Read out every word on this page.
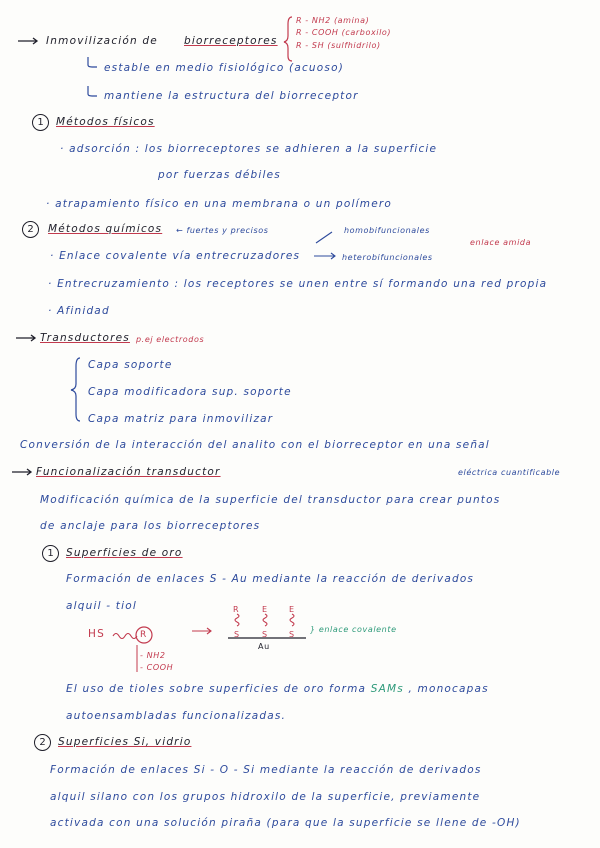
Inmovilización de biorreceptores
R - NH2 (amina)
R - COOH (carboxilo)
R - SH (sulfhidrilo)
estable en medio fisiológico (acuoso)
mantiene la estructura del biorreceptor
1	Métodos físicos
· adsorción : los biorreceptores se adhieren a la superficie
por fuerzas débiles
· atrapamiento físico en una membrana o un polímero
2	Métodos químicos ← fuertes y precisos	homobifuncionales
enlace amida
· Enlace covalente vía entrecruzadores	heterobifuncionales
· Entrecruzamiento : los receptores se unen entre sí formando una red propia
· Afinidad
Transductores p.ej electrodos
Capa soporte
Capa modificadora sup. soporte
Capa matriz para inmovilizar
Conversión de la interacción del analito con el biorreceptor en una señal
eléctrica cuantificable
Funcionalización transductor
Modificación química de la superficie del transductor para crear puntos
de anclaje para los biorreceptores
1	Superficies de oro
Formación de enlaces S - Au mediante la reacción de derivados
alquil - tiol
HS	R
- NH2
- COOH
R	E	E
S	S	S
Au
} enlace covalente
El uso de tioles sobre superficies de oro forma SAMs , monocapas
autoensambladas funcionalizadas.
2	Superficies Si, vidrio
Formación de enlaces Si - O - Si mediante la reacción de derivados
alquil silano con los grupos hidroxilo de la superficie, previamente
activada con una solución piraña (para que la superficie se llene de -OH)
